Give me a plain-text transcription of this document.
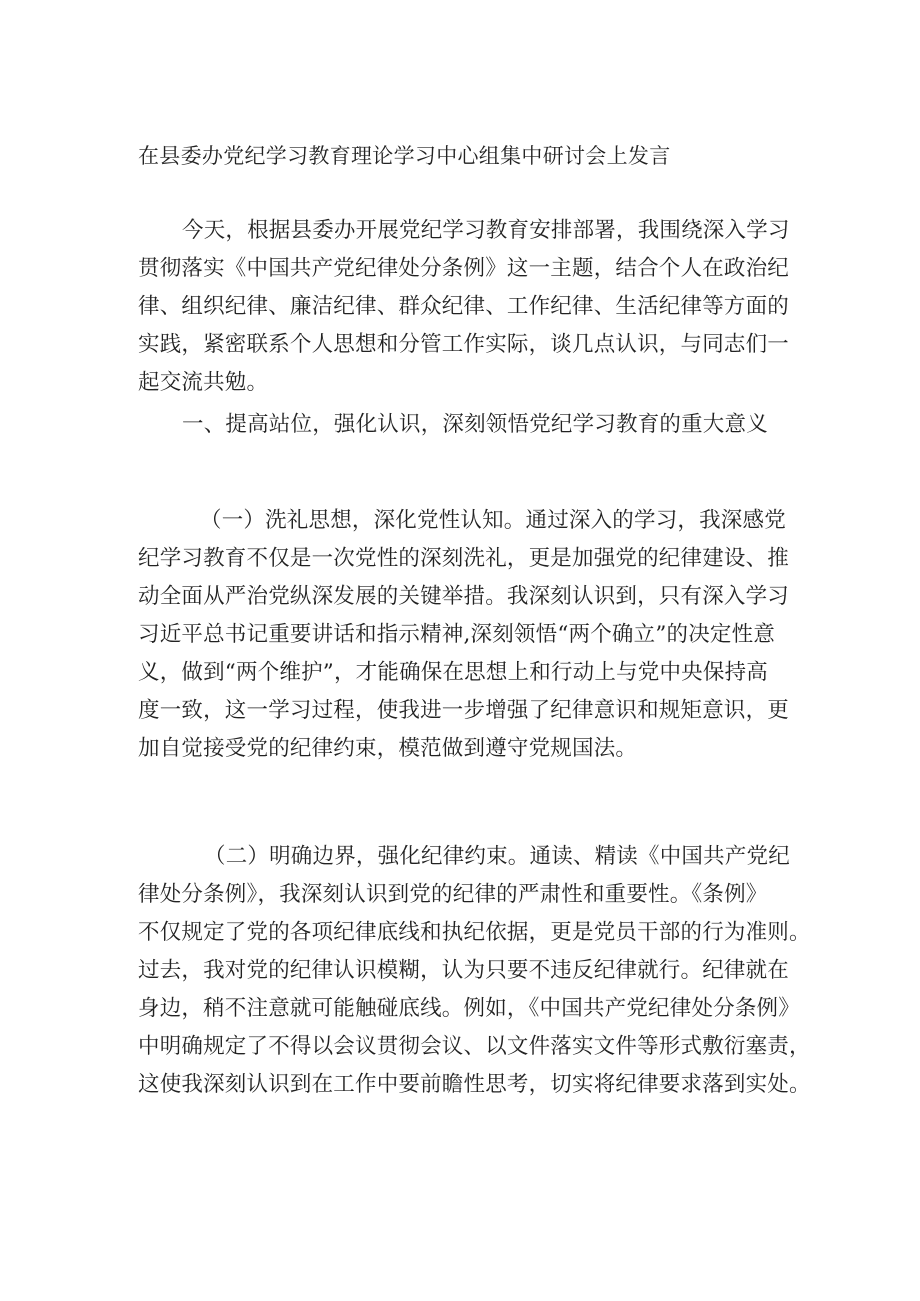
在县委办党纪学习教育理论学习中心组集中研讨会上发言
今天，根据县委办开展党纪学习教育安排部署，我围绕深入学习
贯彻落实《中国共产党纪律处分条例》这一主题，结合个人在政治纪
律、组织纪律、廉洁纪律、群众纪律、工作纪律、生活纪律等方面的
实践，紧密联系个人思想和分管工作实际，谈几点认识，与同志们一
起交流共勉。
一、提高站位，强化认识，深刻领悟党纪学习教育的重大意义
（一）洗礼思想，深化党性认知。通过深入的学习，我深感党
纪学习教育不仅是一次党性的深刻洗礼，更是加强党的纪律建设、推
动全面从严治党纵深发展的关键举措。我深刻认识到，只有深入学习
习近平总书记重要讲话和指示精神,深刻领悟“两个确立”的决定性意
义，做到“两个维护”，才能确保在思想上和行动上与党中央保持高
度一致，这一学习过程，使我进一步增强了纪律意识和规矩意识，更
加自觉接受党的纪律约束，模范做到遵守党规国法。
（二）明确边界，强化纪律约束。通读、精读《中国共产党纪
律处分条例》，我深刻认识到党的纪律的严肃性和重要性。《条例》
不仅规定了党的各项纪律底线和执纪依据，更是党员干部的行为准则。
过去，我对党的纪律认识模糊，认为只要不违反纪律就行。纪律就在
身边，稍不注意就可能触碰底线。例如，《中国共产党纪律处分条例》
中明确规定了不得以会议贯彻会议、以文件落实文件等形式敷衍塞责，
这使我深刻认识到在工作中要前瞻性思考，切实将纪律要求落到实处。
